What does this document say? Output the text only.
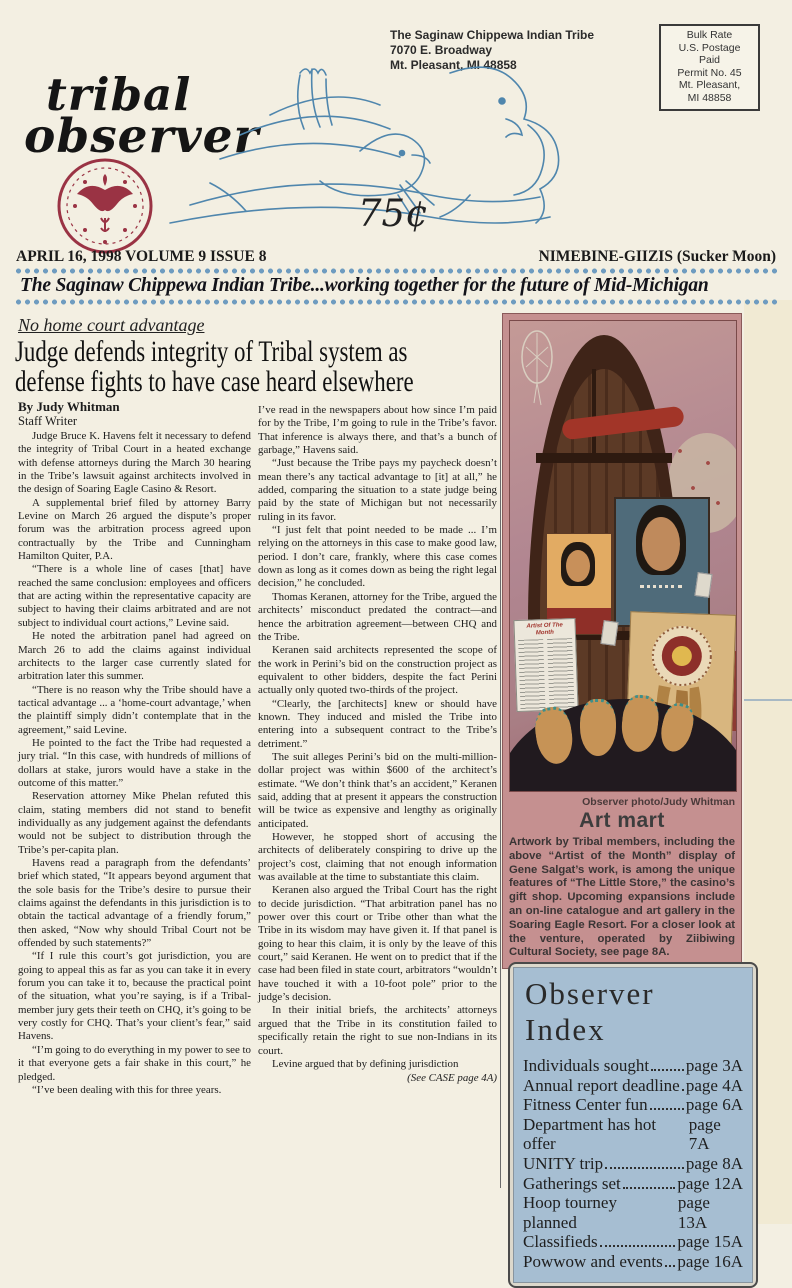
The Saginaw Chippewa Indian Tribe
7070 E. Broadway
Mt. Pleasant, MI 48858
Bulk Rate
U.S. Postage
Paid
Permit No. 45
Mt. Pleasant,
MI 48858
tribal
observer
75¢
APRIL 16, 1998 VOLUME 9 ISSUE 8	NIMEBINE-GIIZIS (Sucker Moon)
The Saginaw Chippewa Indian Tribe...working together for the future of Mid-Michigan
No home court advantage
Judge defends integrity of Tribal system as
defense fights to have case heard elsewhere
By Judy Whitman
Staff Writer

Judge Bruce K. Havens felt it necessary to defend the integrity of Tribal Court in a heated exchange with defense attorneys during the March 30 hearing in the Tribe’s lawsuit against architects involved in the design of Soaring Eagle Casino & Resort.

A supplemental brief filed by attorney Barry Levine on March 26 argued the dispute’s proper forum was the arbitration process agreed upon contractually by the Tribe and Cunningham Hamilton Quiter, P.A.

“There is a whole line of cases [that] have reached the same conclusion: employees and officers that are acting within the representative capacity are subject to having their claims arbitrated and are not subject to individual court actions,” Levine said.

He noted the arbitration panel had agreed on March 26 to add the claims against individual architects to the larger case currently slated for arbitration later this summer.

“There is no reason why the Tribe should have a tactical advantage ... a ‘home-court advantage,’ when the plaintiff simply didn’t contemplate that in the agreement,” said Levine.

He pointed to the fact the Tribe had requested a jury trial. “In this case, with hundreds of millions of dollars at stake, jurors would have a stake in the outcome of this matter.”

Reservation attorney Mike Phelan refuted this claim, stating members did not stand to benefit individually as any judgement against the defendants would not be subject to distribution through the Tribe’s per-capita plan.

Havens read a paragraph from the defendants’ brief which stated, “It appears beyond argument that the sole basis for the Tribe’s desire to pursue their claims against the defendants in this jurisdiction is to obtain the tactical advantage of a friendly forum,” then asked, “Now why should Tribal Court not be offended by such statements?”

“If I rule this court’s got jurisdiction, you are going to appeal this as far as you can take it in every forum you can take it to, because the practical point of the situation, what you’re saying, is if a Tribal-member jury gets their teeth on CHQ, it’s going to be very costly for CHQ. That’s your client’s fear,” said Havens.

“I’m going to do everything in my power to see to it that everyone gets a fair shake in this court,” he pledged.

“I’ve been dealing with this for three years.

I’ve read in the newspapers about how since I’m paid for by the Tribe, I’m going to rule in the Tribe’s favor. That inference is always there, and that’s a bunch of garbage,” Havens said.

“Just because the Tribe pays my paycheck doesn’t mean there’s any tactical advantage to [it] at all,” he added, comparing the situation to a state judge being paid by the state of Michigan but not necessarily ruling in its favor.

“I just felt that point needed to be made ... I’m relying on the attorneys in this case to make good law, period. I don’t care, frankly, where this case comes down as long as it comes down as being the right legal decision,” he concluded.

Thomas Keranen, attorney for the Tribe, argued the architects’ misconduct predated the contract—and hence the arbitration agreement—between CHQ and the Tribe.

Keranen said architects represented the scope of the work in Perini’s bid on the construction project as equivalent to other bidders, despite the fact Perini actually only quoted two-thirds of the project.

“Clearly, the [architects] knew or should have known. They induced and misled the Tribe into entering into a subsequent contract to the Tribe’s detriment.”

The suit alleges Perini’s bid on the multi-million-dollar project was within $600 of the architect’s estimate. “We don’t think that’s an accident,” Keranen said, adding that at present it appears the construction will be twice as expensive and lengthy as originally anticipated.

However, he stopped short of accusing the architects of deliberately conspiring to drive up the project’s cost, claiming that not enough information was available at the time to substantiate this claim.

Keranen also argued the Tribal Court has the right to decide jurisdiction. “That arbitration panel has no power over this court or Tribe other than what the Tribe in its wisdom may have given it. If that panel is going to hear this claim, it is only by the leave of this court,” said Keranen. He went on to predict that if the case had been filed in state court, arbitrators “wouldn’t have touched it with a 10-foot pole” prior to the judge’s decision.

In their initial briefs, the architects’ attorneys argued that the Tribe in its constitution failed to specifically retain the right to sue non-Indians in its court.

Levine argued that by defining jurisdiction

(See CASE page 4A)
Artist Of The Month
Observer photo/Judy Whitman
Art mart
Artwork by Tribal members, including the above “Artist of the Month” display of Gene Salgat’s work, is among the unique features of “The Little Store,” the casino’s gift shop. Upcoming expansions include an on-line catalogue and art gallery in the Soaring Eagle Resort. For a closer look at the venture, operated by Ziibiwing Cultural Society, see page 8A.
Observer Index
Individuals sought page 3A
Annual report deadline page 4A
Fitness Center fun page 6A
Department has hot offer
page 7A
UNITY trip	page 8A
Gatherings set	page 12A
Hoop tourney planned
page 13A
Classifieds	page 15A
Powwow and events page 16A
